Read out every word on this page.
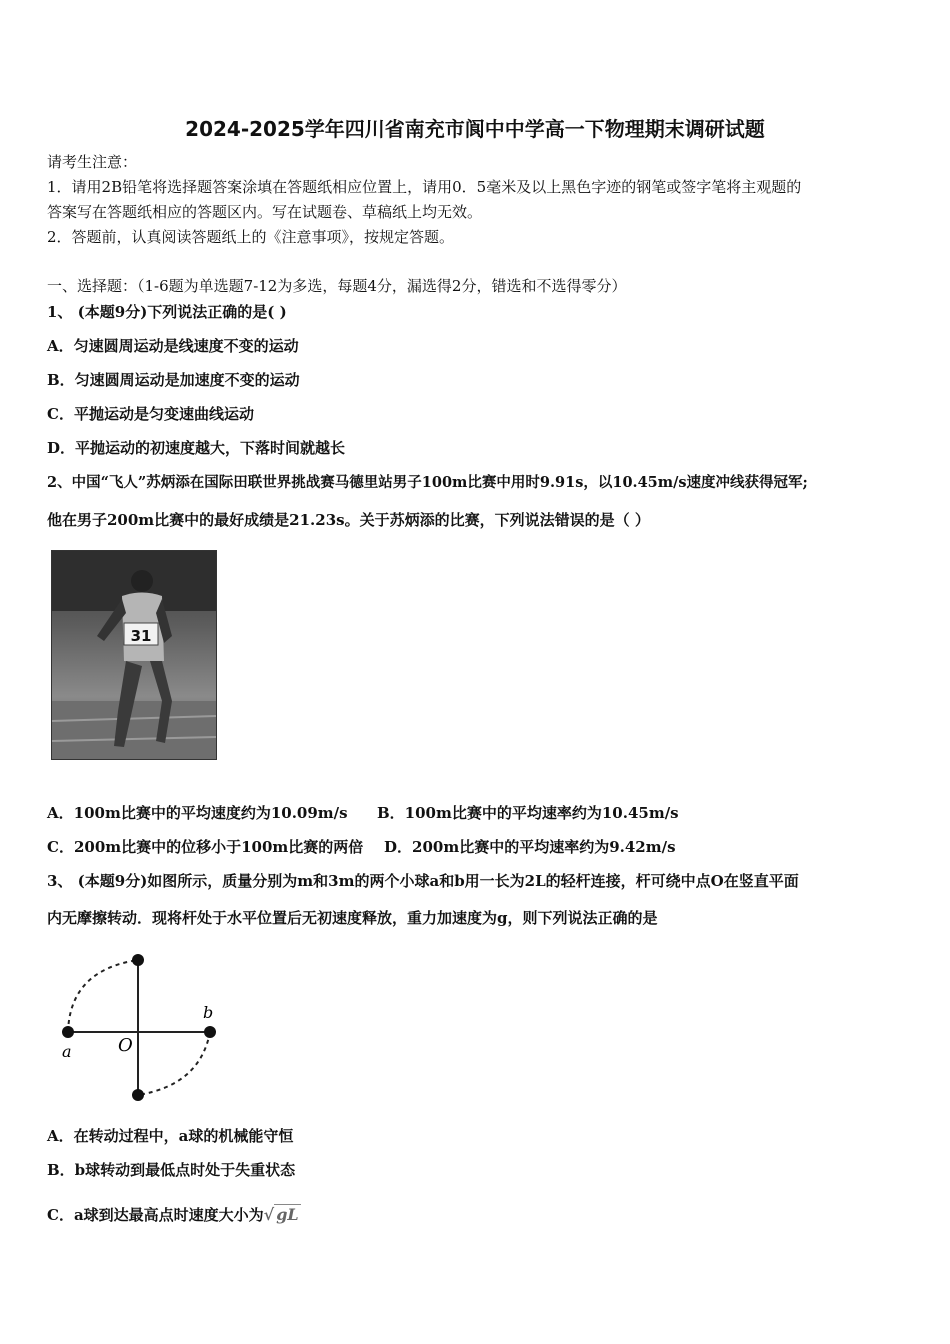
2024-2025学年四川省南充市阆中中学高一下物理期末调研试题
请考生注意：
1．请用2B铅笔将选择题答案涂填在答题纸相应位置上，请用0．5毫米及以上黑色字迹的钢笔或签字笔将主观题的
答案写在答题纸相应的答题区内。写在试题卷、草稿纸上均无效。
2．答题前，认真阅读答题纸上的《注意事项》，按规定答题。
一、选择题：（1-6题为单选题7-12为多选，每题4分，漏选得2分，错选和不选得零分）
1、 (本题9分)下列说法正确的是( )
A．匀速圆周运动是线速度不变的运动
B．匀速圆周运动是加速度不变的运动
C．平抛运动是匀变速曲线运动
D．平抛运动的初速度越大，下落时间就越长
2、中国“飞人”苏炳添在国际田联世界挑战赛马德里站男子100m比赛中用时9.91s，以10.45m/s速度冲线获得冠军;
他在男子200m比赛中的最好成绩是21.23s。关于苏炳添的比赛，下列说法错误的是（ ）
31
A．100m比赛中的平均速度约为10.09m/s B．100m比赛中的平均速率约为10.45m/s
C．200m比赛中的位移小于100m比赛的两倍 D．200m比赛中的平均速率约为9.42m/s
3、 (本题9分)如图所示，质量分别为m和3m的两个小球a和b用一长为2L的轻杆连接，杆可绕中点O在竖直平面
内无摩擦转动．现将杆处于水平位置后无初速度释放，重力加速度为g，则下列说法正确的是
a
b
O
A．在转动过程中，a球的机械能守恒
B．b球转动到最低点时处于失重状态
C．a球到达最高点时速度大小为√ gL
